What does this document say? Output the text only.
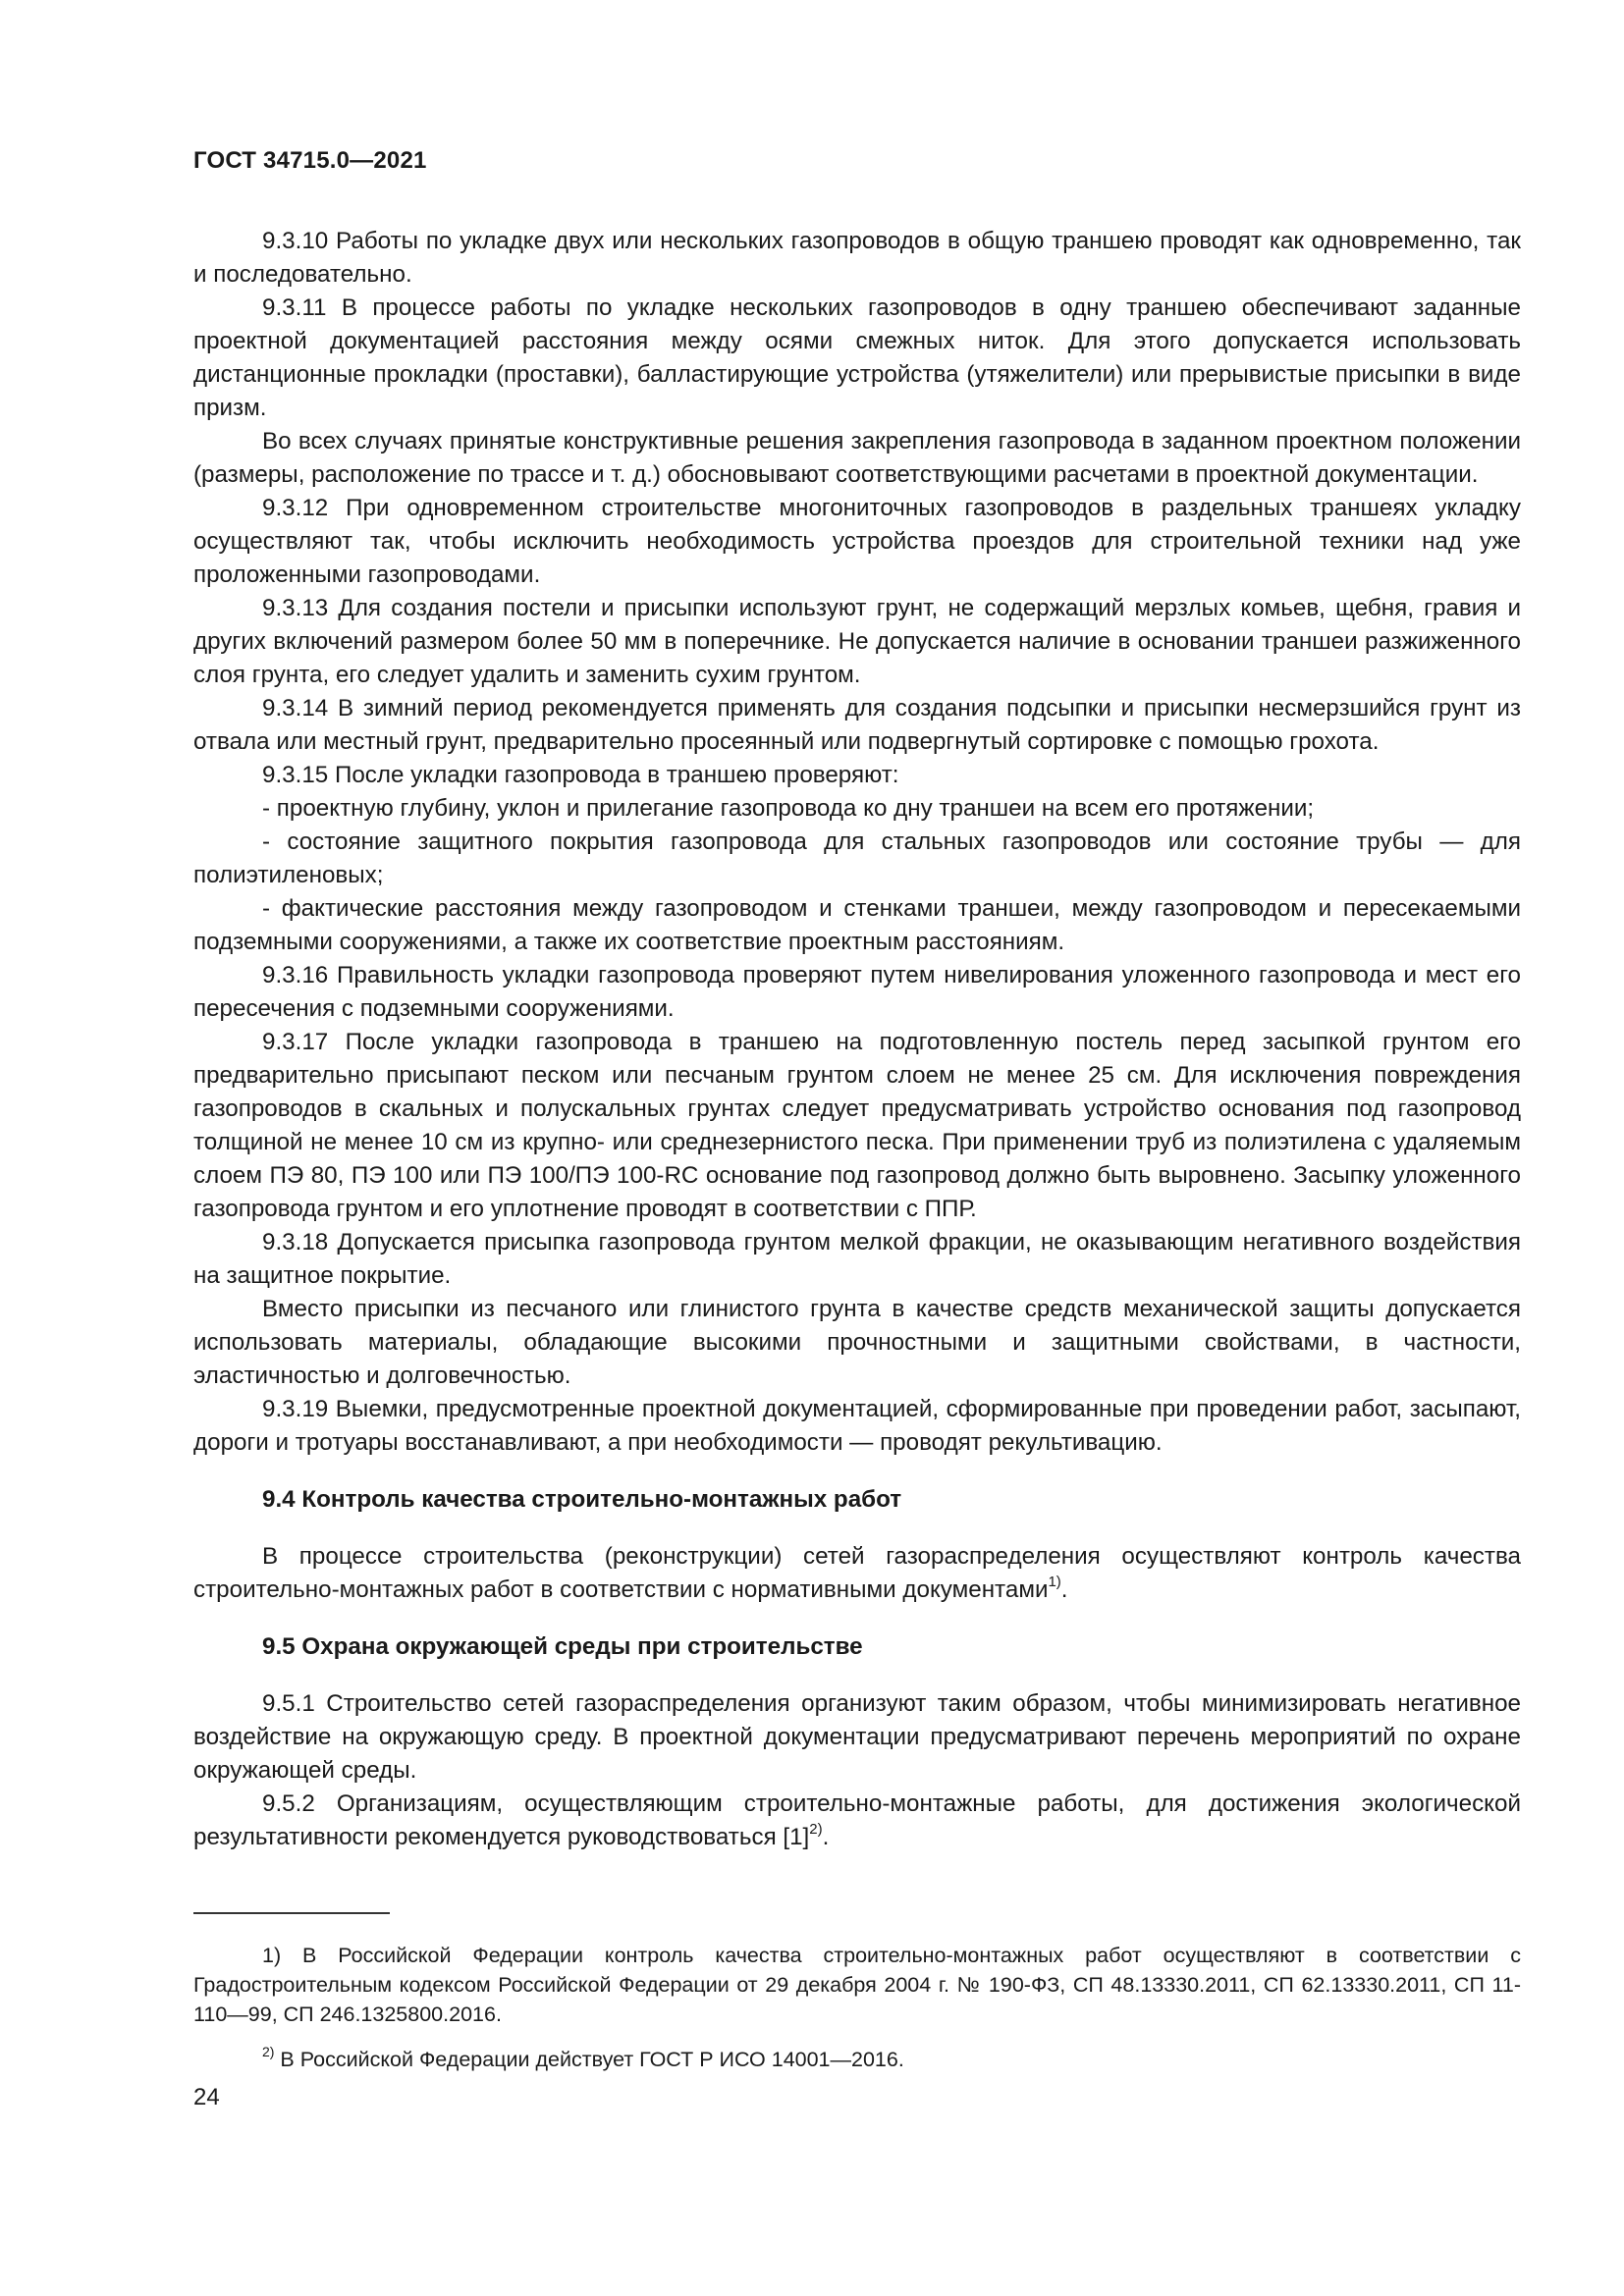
ГОСТ 34715.0—2021

9.3.10 Работы по укладке двух или нескольких газопроводов в общую траншею проводят как одновременно, так и последовательно.

9.3.11 В процессе работы по укладке нескольких газопроводов в одну траншею обеспечивают заданные проектной документацией расстояния между осями смежных ниток. Для этого допускается использовать дистанционные прокладки (проставки), балластирующие устройства (утяжелители) или прерывистые присыпки в виде призм.

Во всех случаях принятые конструктивные решения закрепления газопровода в заданном проектном положении (размеры, расположение по трассе и т. д.) обосновывают соответствующими расчетами в проектной документации.

9.3.12 При одновременном строительстве многониточных газопроводов в раздельных траншеях укладку осуществляют так, чтобы исключить необходимость устройства проездов для строительной техники над уже проложенными газопроводами.

9.3.13 Для создания постели и присыпки используют грунт, не содержащий мерзлых комьев, щебня, гравия и других включений размером более 50 мм в поперечнике. Не допускается наличие в основании траншеи разжиженного слоя грунта, его следует удалить и заменить сухим грунтом.

9.3.14 В зимний период рекомендуется применять для создания подсыпки и присыпки несмерзшийся грунт из отвала или местный грунт, предварительно просеянный или подвергнутый сортировке с помощью грохота.

9.3.15 После укладки газопровода в траншею проверяют:

- проектную глубину, уклон и прилегание газопровода ко дну траншеи на всем его протяжении;

- состояние защитного покрытия газопровода для стальных газопроводов или состояние трубы — для полиэтиленовых;

- фактические расстояния между газопроводом и стенками траншеи, между газопроводом и пересекаемыми подземными сооружениями, а также их соответствие проектным расстояниям.

9.3.16 Правильность укладки газопровода проверяют путем нивелирования уложенного газопровода и мест его пересечения с подземными сооружениями.

9.3.17 После укладки газопровода в траншею на подготовленную постель перед засыпкой грунтом его предварительно присыпают песком или песчаным грунтом слоем не менее 25 см. Для исключения повреждения газопроводов в скальных и полускальных грунтах следует предусматривать устройство основания под газопровод толщиной не менее 10 см из крупно- или среднезернистого песка. При применении труб из полиэтилена с удаляемым слоем ПЭ 80, ПЭ 100 или ПЭ 100/ПЭ 100-RC основание под газопровод должно быть выровнено. Засыпку уложенного газопровода грунтом и его уплотнение проводят в соответствии с ППР.

9.3.18 Допускается присыпка газопровода грунтом мелкой фракции, не оказывающим негативного воздействия на защитное покрытие.

Вместо присыпки из песчаного или глинистого грунта в качестве средств механической защиты допускается использовать материалы, обладающие высокими прочностными и защитными свойствами, в частности, эластичностью и долговечностью.

9.3.19 Выемки, предусмотренные проектной документацией, сформированные при проведении работ, засыпают, дороги и тротуары восстанавливают, а при необходимости — проводят рекультивацию.

9.4 Контроль качества строительно-монтажных работ

В процессе строительства (реконструкции) сетей газораспределения осуществляют контроль качества строительно-монтажных работ в соответствии с нормативными документами$^{1)}$.

9.5 Охрана окружающей среды при строительстве

9.5.1 Строительство сетей газораспределения организуют таким образом, чтобы минимизировать негативное воздействие на окружающую среду. В проектной документации предусматривают перечень мероприятий по охране окружающей среды.

9.5.2 Организациям, осуществляющим строительно-монтажные работы, для достижения экологической результативности рекомендуется руководствоваться $[1]^{2)}$.

1) В Российской Федерации контроль качества строительно-монтажных работ осуществляют в соответствии с Градостроительным кодексом Российской Федерации от 29 декабря 2004 г. № 190-ФЗ, СП 48.13330.2011, СП 62.13330.2011, СП 11-110—99, СП 246.1325800.2016.

$^{2)}$ В Российской Федерации действует ГОСТ Р ИСО 14001—2016.

24
